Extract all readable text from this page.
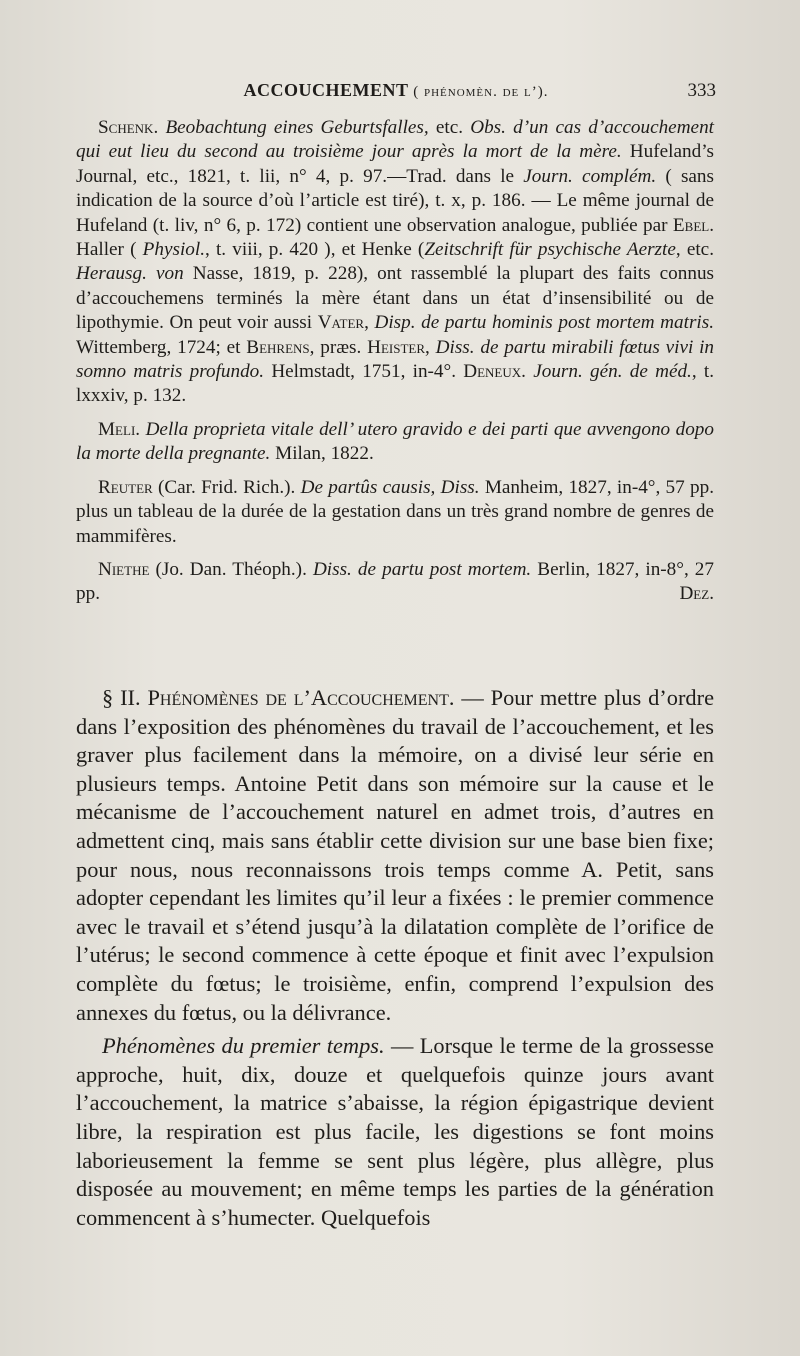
ACCOUCHEMENT ( phénomèn. de l’).	333

Schenk. Beobachtung eines Geburtsfalles, etc. Obs. d’un cas d’accouchement qui eut lieu du second au troisième jour après la mort de la mère. Hufeland’s Journal, etc., 1821, t. lii, n° 4, p. 97.—Trad. dans le Journ. complém. ( sans indication de la source d’où l’article est tiré), t. x, p. 186. — Le même journal de Hufeland (t. liv, n° 6, p. 172) contient une observation analogue, publiée par Ebel. Haller ( Physiol., t. viii, p. 420 ), et Henke (Zeitschrift für psychische Aerzte, etc. Herausg. von Nasse, 1819, p. 228), ont rassemblé la plupart des faits connus d’accouchemens terminés la mère étant dans un état d’insensibilité ou de lipothymie. On peut voir aussi Vater, Disp. de partu hominis post mortem matris. Wittemberg, 1724; et Behrens, præs. Heister, Diss. de partu mirabili fœtus vivi in somno matris profundo. Helmstadt, 1751, in-4°. Deneux. Journ. gén. de méd., t. lxxxiv, p. 132.

Meli. Della proprieta vitale dell’ utero gravido e dei parti que avvengono dopo la morte della pregnante. Milan, 1822.

Reuter (Car. Frid. Rich.). De partûs causis, Diss. Manheim, 1827, in-4°, 57 pp. plus un tableau de la durée de la gestation dans un très grand nombre de genres de mammifères.

Niethe (Jo. Dan. Théoph.). Diss. de partu post mortem. Berlin, 1827, in-8°, 27 pp.	Dez.

§ II. Phénomènes de l’Accouchement. — Pour mettre plus d’ordre dans l’exposition des phénomènes du travail de l’accouchement, et les graver plus facilement dans la mémoire, on a divisé leur série en plusieurs temps. Antoine Petit dans son mémoire sur la cause et le mécanisme de l’accouchement naturel en admet trois, d’autres en admettent cinq, mais sans établir cette division sur une base bien fixe; pour nous, nous reconnaissons trois temps comme A. Petit, sans adopter cependant les limites qu’il leur a fixées : le premier commence avec le travail et s’étend jusqu’à la dilatation complète de l’orifice de l’utérus; le second commence à cette époque et finit avec l’expulsion complète du fœtus; le troisième, enfin, comprend l’expulsion des annexes du fœtus, ou la délivrance.

Phénomènes du premier temps. — Lorsque le terme de la grossesse approche, huit, dix, douze et quelquefois quinze jours avant l’accouchement, la matrice s’abaisse, la région épigastrique devient libre, la respiration est plus facile, les digestions se font moins laborieusement la femme se sent plus légère, plus allègre, plus disposée au mouvement; en même temps les parties de la génération commencent à s’humecter. Quelquefois
